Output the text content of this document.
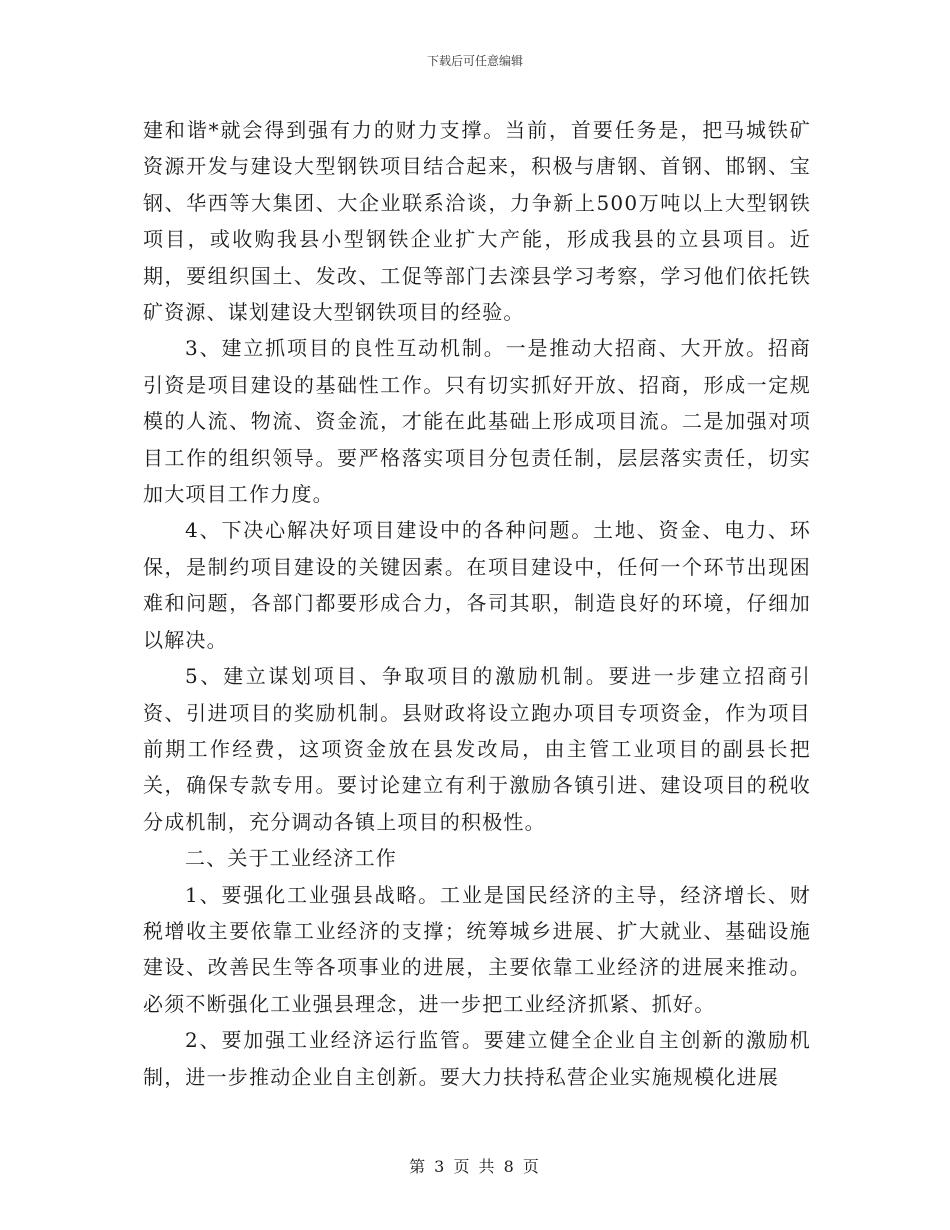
下载后可任意编辑

建和谐*就会得到强有力的财力支撑。当前，首要任务是，把马城铁矿资源开发与建设大型钢铁项目结合起来，积极与唐钢、首钢、邯钢、宝钢、华西等大集团、大企业联系洽谈，力争新上500万吨以上大型钢铁项目，或收购我县小型钢铁企业扩大产能，形成我县的立县项目。近期，要组织国土、发改、工促等部门去滦县学习考察，学习他们依托铁矿资源、谋划建设大型钢铁项目的经验。

3、建立抓项目的良性互动机制。一是推动大招商、大开放。招商引资是项目建设的基础性工作。只有切实抓好开放、招商，形成一定规模的人流、物流、资金流，才能在此基础上形成项目流。二是加强对项目工作的组织领导。要严格落实项目分包责任制，层层落实责任，切实加大项目工作力度。

4、下决心解决好项目建设中的各种问题。土地、资金、电力、环保，是制约项目建设的关键因素。在项目建设中，任何一个环节出现困难和问题，各部门都要形成合力，各司其职，制造良好的环境，仔细加以解决。

5、建立谋划项目、争取项目的激励机制。要进一步建立招商引资、引进项目的奖励机制。县财政将设立跑办项目专项资金，作为项目前期工作经费，这项资金放在县发改局，由主管工业项目的副县长把关，确保专款专用。要讨论建立有利于激励各镇引进、建设项目的税收分成机制，充分调动各镇上项目的积极性。

二、关于工业经济工作

1、要强化工业强县战略。工业是国民经济的主导，经济增长、财税增收主要依靠工业经济的支撑；统筹城乡进展、扩大就业、基础设施建设、改善民生等各项事业的进展，主要依靠工业经济的进展来推动。必须不断强化工业强县理念，进一步把工业经济抓紧、抓好。

2、要加强工业经济运行监管。要建立健全企业自主创新的激励机制，进一步推动企业自主创新。要大力扶持私营企业实施规模化进展

第 3 页 共 8 页
